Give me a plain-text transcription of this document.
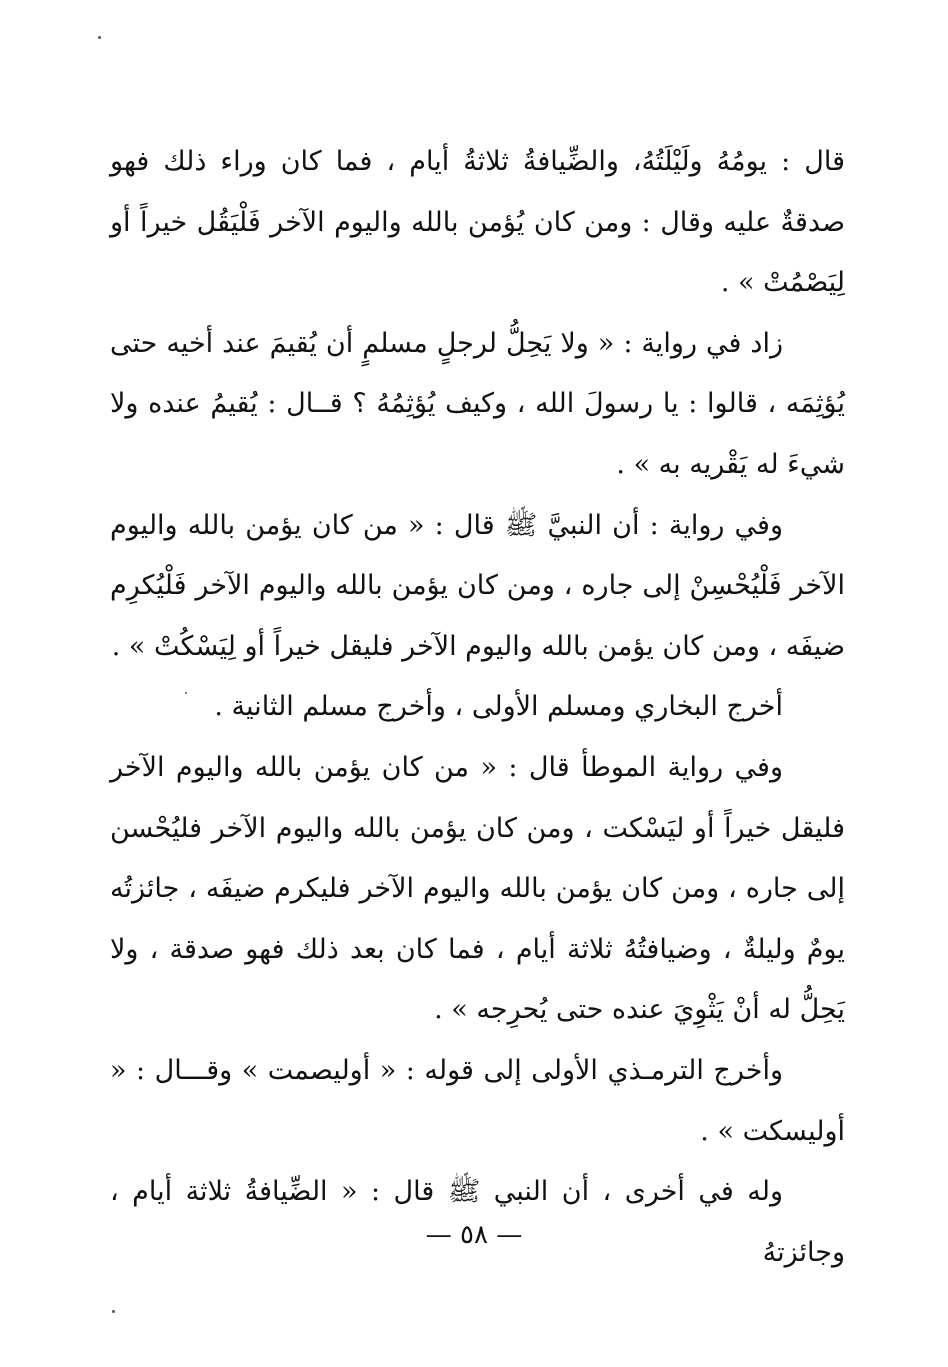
قال : يومُهُ ولَيْلَتُهُ، والضِّيافةُ ثلاثةُ أيام ، فما كان وراء ذلك فهو صدقةٌ عليه وقال : ومن كان يُؤمن بالله واليوم الآخر فَلْيَقُل خيراً أو لِيَصْمُتْ » .

زاد في رواية : « ولا يَحِلُّ لرجلٍ مسلمٍ أن يُقيمَ عند أخيه حتى يُؤثِمَه ، قالوا : يا رسولَ الله ، وكيف يُؤثِمُهُ ؟ قــال : يُقيمُ عنده ولا شيءَ له يَقْريه به » .

وفي رواية : أن النبيَّ ﷺ قال : « من كان يؤمن بالله واليوم الآخر فَلْيُحْسِنْ إلى جاره ، ومن كان يؤمن بالله واليوم الآخر فَلْيُكرِم ضيفَه ، ومن كان يؤمن بالله واليوم الآخر فليقل خيراً أو لِيَسْكُتْ » .

أخرج البخاري ومسلم الأولى ، وأخرج مسلم الثانية .

وفي رواية الموطأ قال : « من كان يؤمن بالله واليوم الآخر فليقل خيراً أو ليَسْكت ، ومن كان يؤمن بالله واليوم الآخر فليُحْسن إلى جاره ، ومن كان يؤمن بالله واليوم الآخر فليكرم ضيفَه ، جائزتُه يومٌ وليلةٌ ، وضيافتُهُ ثلاثة أيام ، فما كان بعد ذلك فهو صدقة ، ولا يَحِلُّ له أنْ يَثْوِيَ عنده حتى يُحرِجه » .

وأخرج الترمـذي الأولى إلى قوله : « أوليصمت » وقـــال : « أوليسكت » .

وله في أخرى ، أن النبي ﷺ قال : « الضِّيافةُ ثلاثة أيام ، وجائزتهُ

— ٥٨ —
